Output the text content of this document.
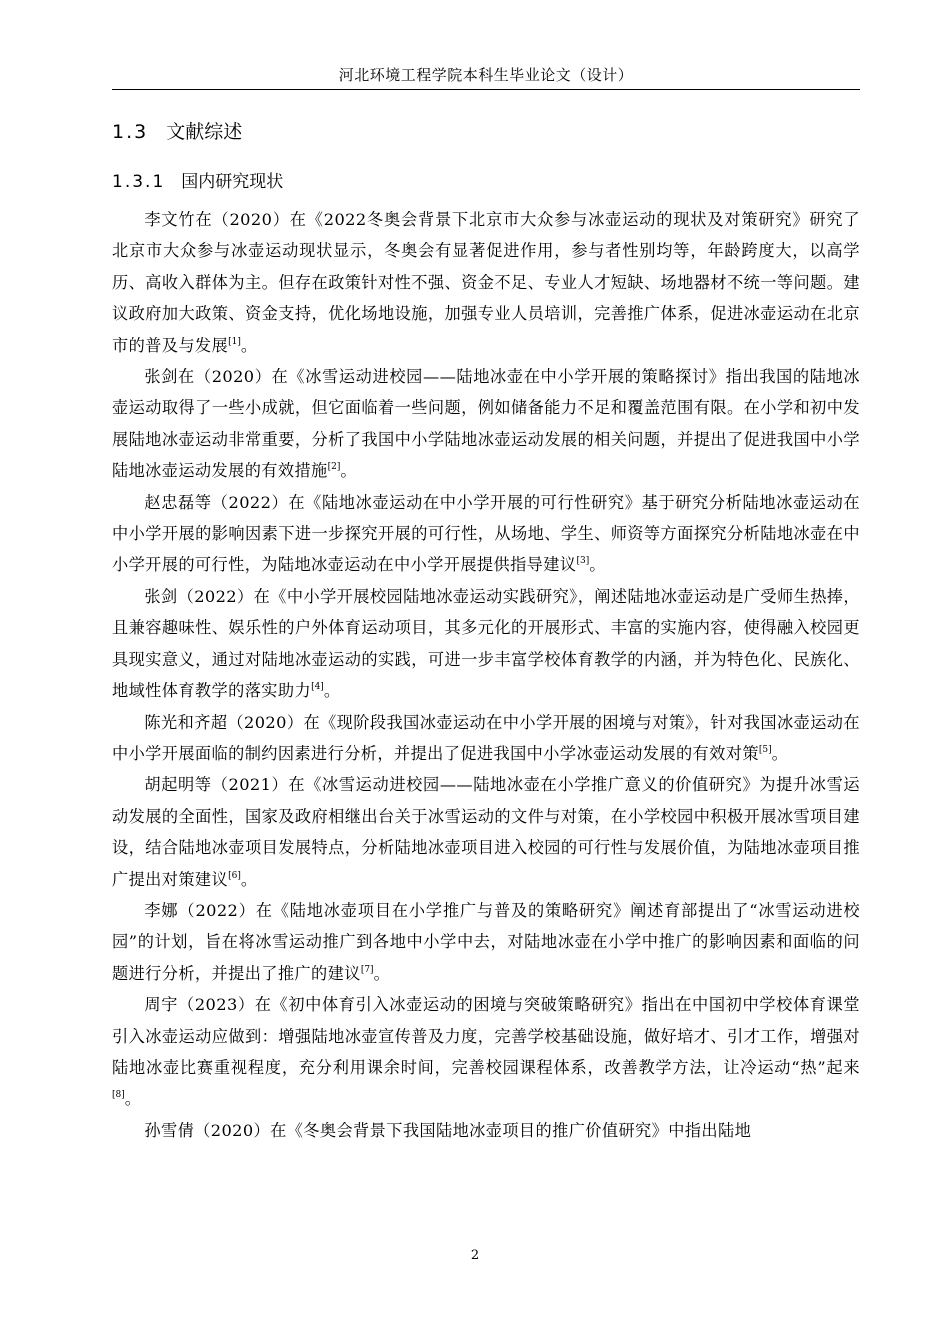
河北环境工程学院本科生毕业论文（设计）
1.3 文献综述
1.3.1 国内研究现状

李文竹在（2020）在《2022冬奥会背景下北京市大众参与冰壶运动的现状及对策研究》研究了北京市大众参与冰壶运动现状显示，冬奥会有显著促进作用，参与者性别均等，年龄跨度大，以高学历、高收入群体为主。但存在政策针对性不强、资金不足、专业人才短缺、场地器材不统一等问题。建议政府加大政策、资金支持，优化场地设施，加强专业人员培训，完善推广体系，促进冰壶运动在北京市的普及与发展[1]。

张剑在（2020）在《冰雪运动进校园——陆地冰壶在中小学开展的策略探讨》指出我国的陆地冰壶运动取得了一些小成就，但它面临着一些问题，例如储备能力不足和覆盖范围有限。在小学和初中发展陆地冰壶运动非常重要，分析了我国中小学陆地冰壶运动发展的相关问题，并提出了促进我国中小学陆地冰壶运动发展的有效措施[2]。

赵忠磊等（2022）在《陆地冰壶运动在中小学开展的可行性研究》基于研究分析陆地冰壶运动在中小学开展的影响因素下进一步探究开展的可行性，从场地、学生、师资等方面探究分析陆地冰壶在中小学开展的可行性，为陆地冰壶运动在中小学开展提供指导建议[3]。

张剑（2022）在《中小学开展校园陆地冰壶运动实践研究》，阐述陆地冰壶运动是广受师生热捧，且兼容趣味性、娱乐性的户外体育运动项目，其多元化的开展形式、丰富的实施内容，使得融入校园更具现实意义，通过对陆地冰壶运动的实践，可进一步丰富学校体育教学的内涵，并为特色化、民族化、地域性体育教学的落实助力[4]。

陈光和齐超（2020）在《现阶段我国冰壶运动在中小学开展的困境与对策》，针对我国冰壶运动在中小学开展面临的制约因素进行分析，并提出了促进我国中小学冰壶运动发展的有效对策[5]。

胡起明等（2021）在《冰雪运动进校园——陆地冰壶在小学推广意义的价值研究》为提升冰雪运动发展的全面性，国家及政府相继出台关于冰雪运动的文件与对策，在小学校园中积极开展冰雪项目建设，结合陆地冰壶项目发展特点，分析陆地冰壶项目进入校园的可行性与发展价值，为陆地冰壶项目推广提出对策建议[6]。

李娜（2022）在《陆地冰壶项目在小学推广与普及的策略研究》阐述育部提出了“冰雪运动进校园”的计划，旨在将冰雪运动推广到各地中小学中去，对陆地冰壶在小学中推广的影响因素和面临的问题进行分析，并提出了推广的建议[7]。

周宇（2023）在《初中体育引入冰壶运动的困境与突破策略研究》指出在中国初中学校体育课堂引入冰壶运动应做到：增强陆地冰壶宣传普及力度，完善学校基础设施，做好培才、引才工作，增强对陆地冰壶比赛重视程度，充分利用课余时间，完善校园课程体系，改善教学方法，让冷运动“热”起来[8]。

孙雪倩（2020）在《冬奥会背景下我国陆地冰壶项目的推广价值研究》中指出陆地

2
